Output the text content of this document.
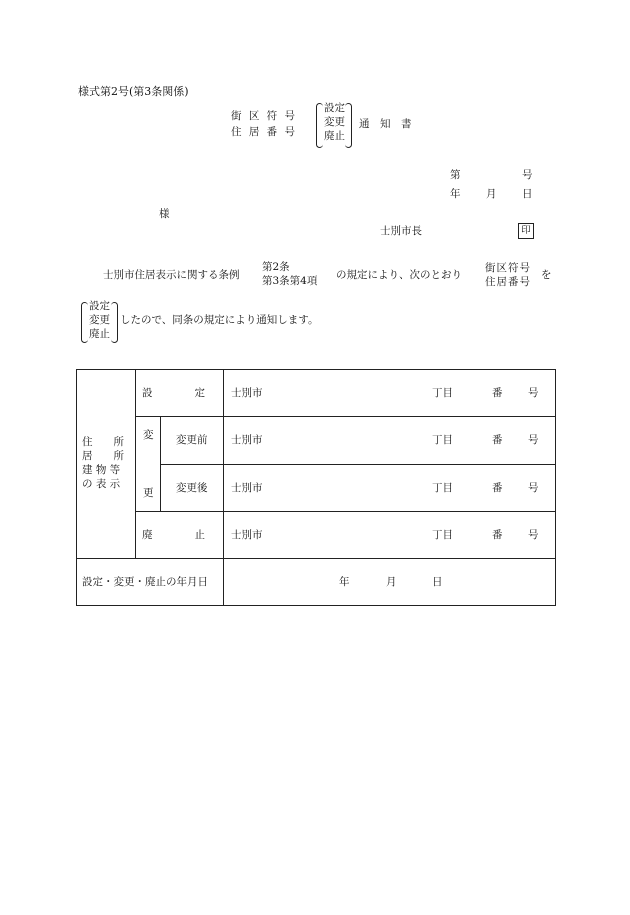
様式第2号(第3条関係)
街 区 符 号
住 居 番 号
設定
変更
廃止
通　知　書
第	号
年 月 日
様
士別市長	印
士別市住居表示に関する条例
第2条
第3条第4項 の規定により、次のとおり
街区符号
住居番号
を
設定
変更
廃止
したので、同条の規定により通知します。
住　　所
居　　所
建 物 等
の 表 示
設　　　　定 士別市	丁目	番 号
変
更
変更前 士別市	丁目	番 号
変更後 士別市	丁目	番 号
廃　　　　止 士別市	丁目	番 号
設定・変更・廃止の年月日	年	月	日
